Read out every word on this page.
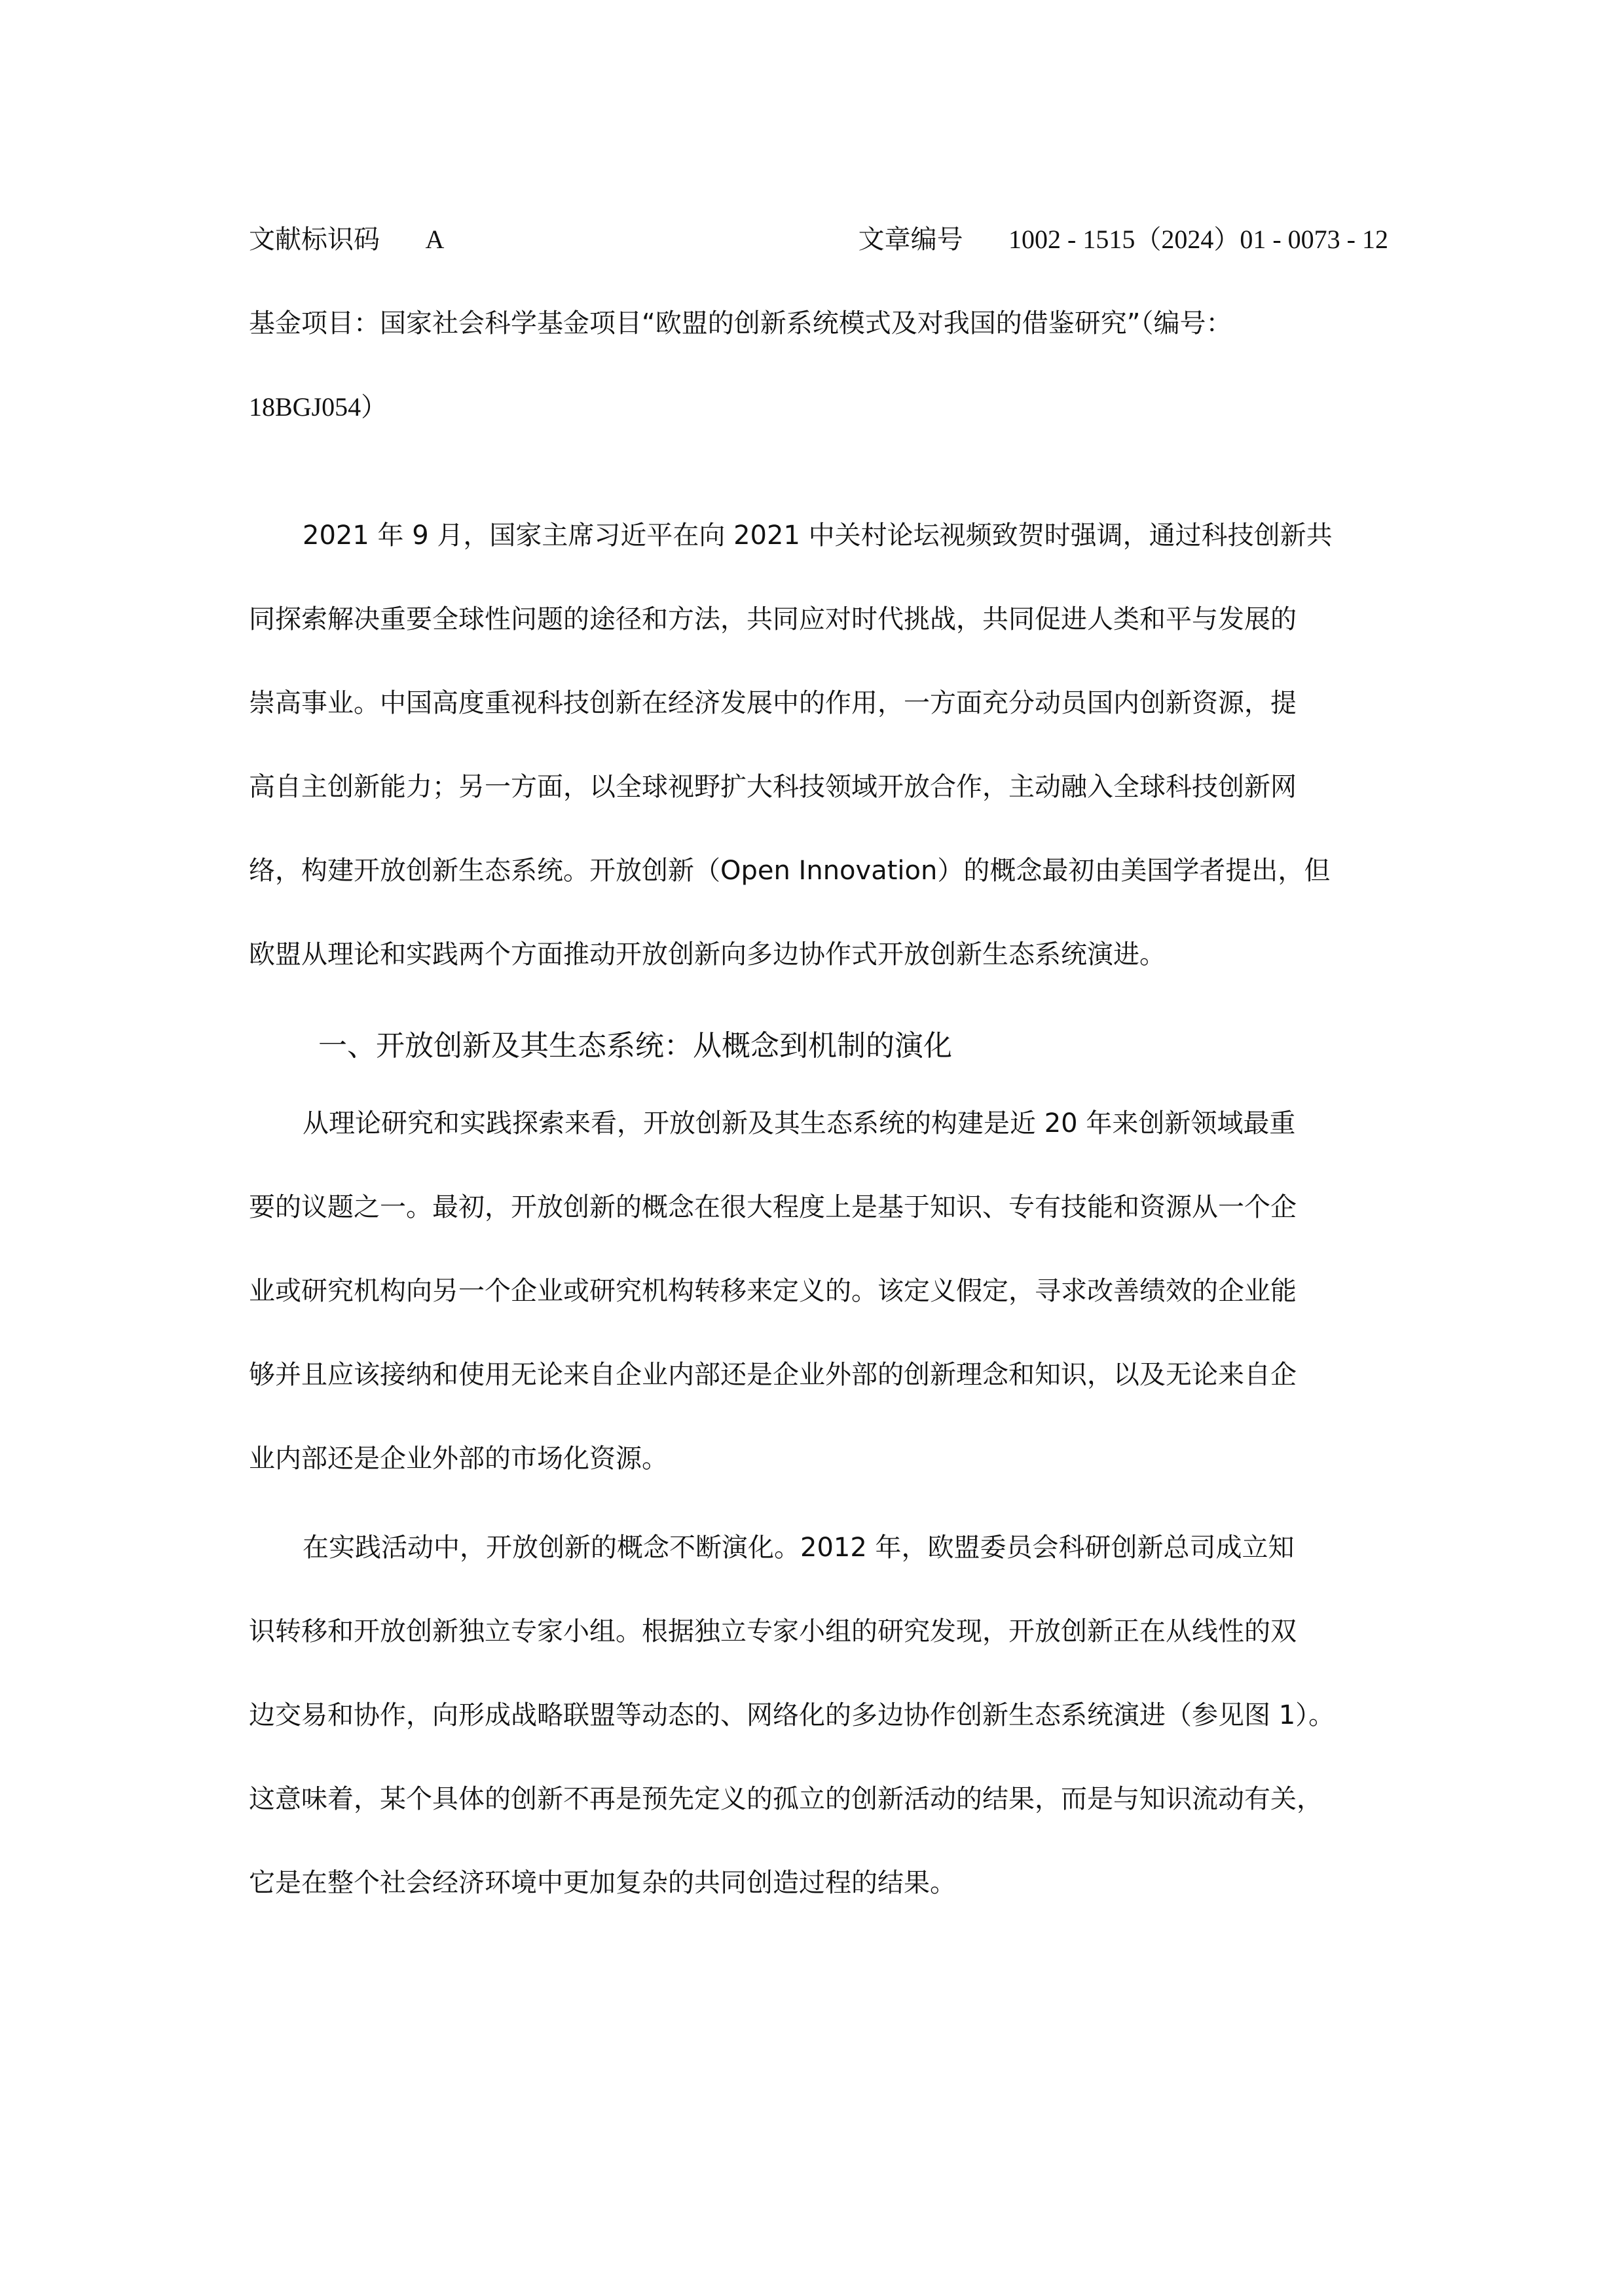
文献标识码 A	文章编号 1002 - 1515（2024）01 - 0073 - 12
基金项目：国家社会科学基金项目“欧盟的创新系统模式及对我国的借鉴研究”（编号：
18BGJ054）
2021 年 9 月，国家主席习近平在向 2021 中关村论坛视频致贺时强调，通过科技创新共
同探索解决重要全球性问题的途径和方法，共同应对时代挑战，共同促进人类和平与发展的
崇高事业。中国高度重视科技创新在经济发展中的作用，一方面充分动员国内创新资源，提
高自主创新能力；另一方面，以全球视野扩大科技领域开放合作，主动融入全球科技创新网
络，构建开放创新生态系统。开放创新（Open Innovation）的概念最初由美国学者提出，但
欧盟从理论和实践两个方面推动开放创新向多边协作式开放创新生态系统演进。
一、开放创新及其生态系统：从概念到机制的演化
从理论研究和实践探索来看，开放创新及其生态系统的构建是近 20 年来创新领域最重
要的议题之一。最初，开放创新的概念在很大程度上是基于知识、专有技能和资源从一个企
业或研究机构向另一个企业或研究机构转移来定义的。该定义假定，寻求改善绩效的企业能
够并且应该接纳和使用无论来自企业内部还是企业外部的创新理念和知识，以及无论来自企
业内部还是企业外部的市场化资源。
在实践活动中，开放创新的概念不断演化。2012 年，欧盟委员会科研创新总司成立知
识转移和开放创新独立专家小组。根据独立专家小组的研究发现，开放创新正在从线性的双
边交易和协作，向形成战略联盟等动态的、网络化的多边协作创新生态系统演进（参见图 1）。
这意味着，某个具体的创新不再是预先定义的孤立的创新活动的结果，而是与知识流动有关，
它是在整个社会经济环境中更加复杂的共同创造过程的结果。
